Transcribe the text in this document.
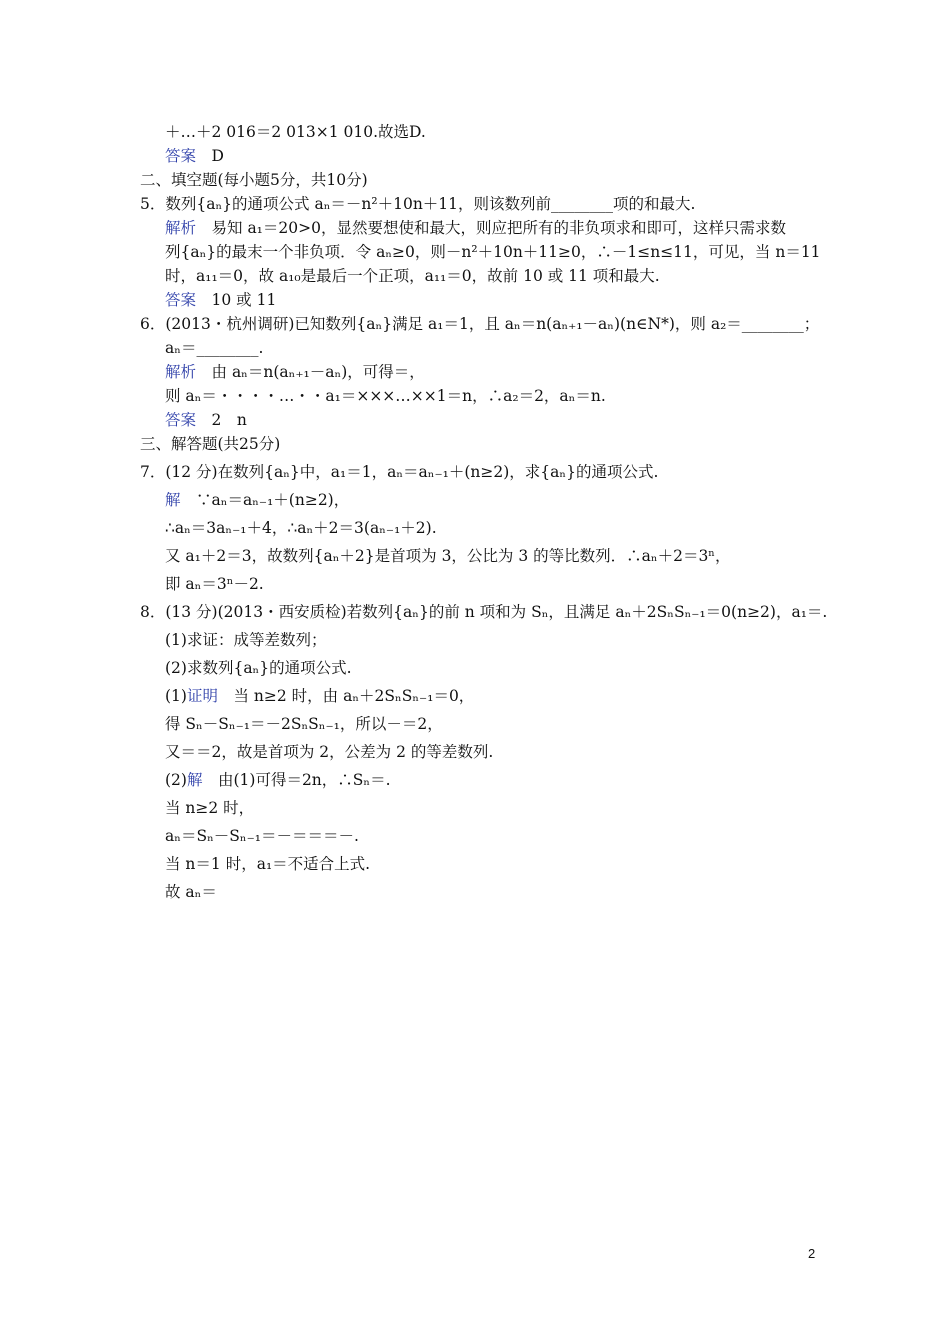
＋…＋2 016＝2 013×1 010.故选D.
答案　D
二、填空题(每小题5分，共10分)
5．数列{aₙ}的通项公式 aₙ＝－n²＋10n＋11，则该数列前________项的和最大.
解析　易知 a₁＝20>0，显然要想使和最大，则应把所有的非负项求和即可，这样只需求数
列{aₙ}的最末一个非负项．令 aₙ≥0，则－n²＋10n＋11≥0，∴－1≤n≤11，可见，当 n＝11
时，a₁₁＝0，故 a₁₀是最后一个正项，a₁₁＝0，故前 10 或 11 项和最大.
答案　10 或 11
6．(2013・杭州调研)已知数列{aₙ}满足 a₁＝1，且 aₙ＝n(aₙ₊₁－aₙ)(n∈N*)，则 a₂＝________；
aₙ＝________.
解析　由 aₙ＝n(aₙ₊₁－aₙ)，可得＝，
则 aₙ＝・・・・…・・a₁＝×××…××1＝n，∴a₂＝2，aₙ＝n.
答案　2　n
三、解答题(共25分)
7．(12 分)在数列{aₙ}中，a₁＝1，aₙ＝aₙ₋₁＋(n≥2)，求{aₙ}的通项公式.
解　∵aₙ＝aₙ₋₁＋(n≥2)，
∴aₙ＝3aₙ₋₁＋4，∴aₙ＋2＝3(aₙ₋₁＋2).
又 a₁＋2＝3，故数列{aₙ＋2}是首项为 3，公比为 3 的等比数列．∴aₙ＋2＝3ⁿ，
即 aₙ＝3ⁿ－2.
8．(13 分)(2013・西安质检)若数列{aₙ}的前 n 项和为 Sₙ，且满足 aₙ＋2SₙSₙ₋₁＝0(n≥2)，a₁＝.
(1)求证：成等差数列；
(2)求数列{aₙ}的通项公式.
(1)证明　当 n≥2 时，由 aₙ＋2SₙSₙ₋₁＝0，
得 Sₙ－Sₙ₋₁＝－2SₙSₙ₋₁，所以－＝2，
又＝＝2，故是首项为 2，公差为 2 的等差数列.
(2)解　由(1)可得＝2n，∴Sₙ＝.
当 n≥2 时，
aₙ＝Sₙ－Sₙ₋₁＝－＝＝＝－.
当 n＝1 时，a₁＝不适合上式.
故 aₙ＝
2
